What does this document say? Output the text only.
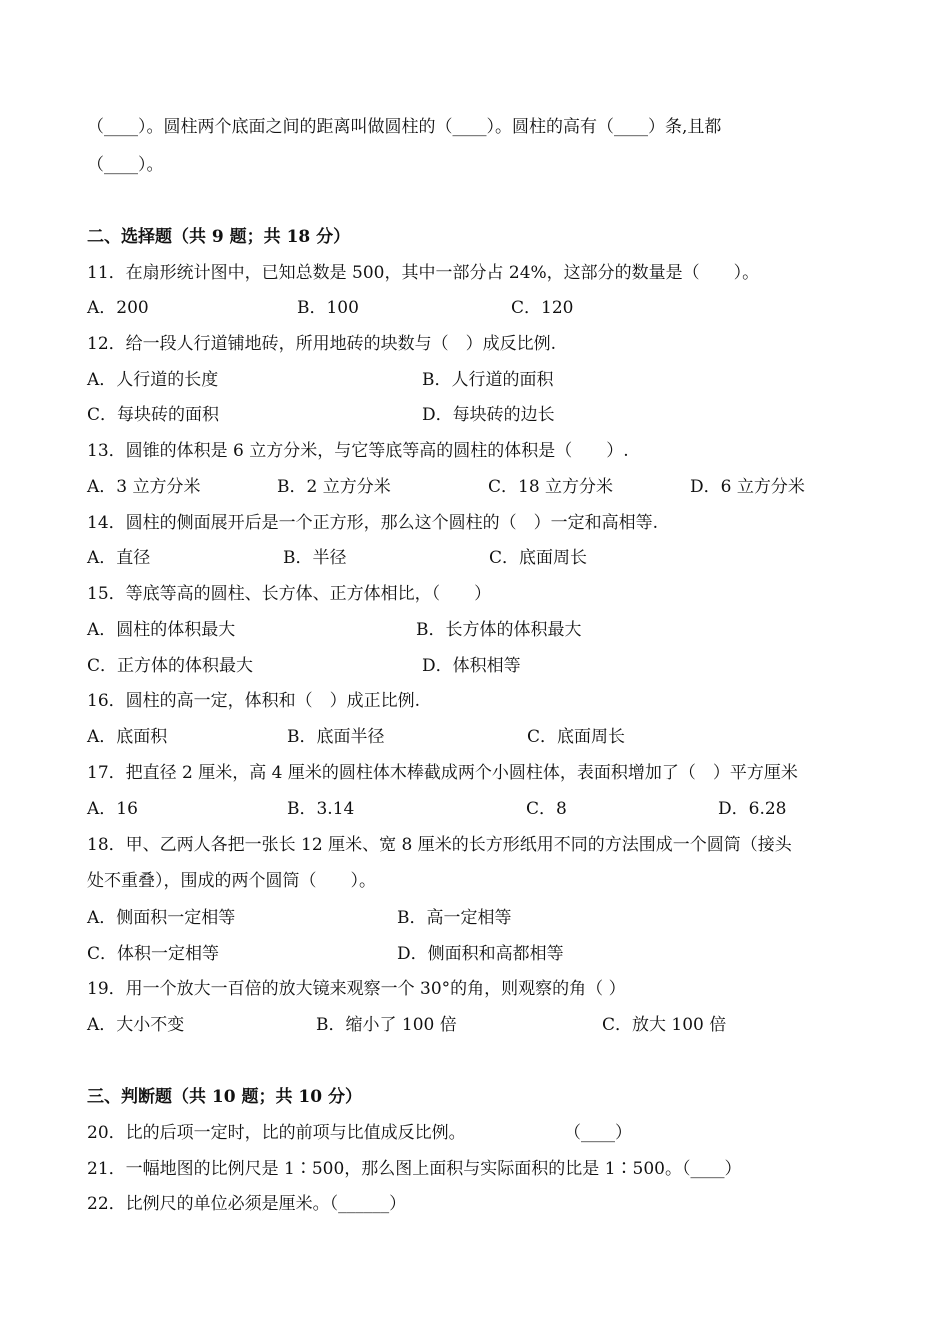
（____）。圆柱两个底面之间的距离叫做圆柱的（____）。圆柱的高有（____）条,且都
（____）。
二、选择题（共 9 题；共 18 分）
11．在扇形统计图中，已知总数是 500，其中一部分占 24%，这部分的数量是（　　）。
A．200	B．100	C．120
12．给一段人行道铺地砖，所用地砖的块数与（　）成反比例.
A．人行道的长度	B．人行道的面积
C．每块砖的面积	D．每块砖的边长
13．圆锥的体积是 6 立方分米，与它等底等高的圆柱的体积是（　　）.
A．3 立方分米	B．2 立方分米	C．18 立方分米	D．6 立方分米
14．圆柱的侧面展开后是一个正方形，那么这个圆柱的（　）一定和高相等.
A．直径	B．半径	C．底面周长
15．等底等高的圆柱、长方体、正方体相比，（　　）
A．圆柱的体积最大	B．长方体的体积最大
C．正方体的体积最大	D．体积相等
16．圆柱的高一定，体积和（　）成正比例.
A．底面积	B．底面半径	C．底面周长
17．把直径 2 厘米，高 4 厘米的圆柱体木棒截成两个小圆柱体，表面积增加了（　）平方厘米
A．16	B．3.14	C．8	D．6.28
18．甲、乙两人各把一张长 12 厘米、宽 8 厘米的长方形纸用不同的方法围成一个圆筒（接头
处不重叠），围成的两个圆筒（　　）。
A．侧面积一定相等	B．高一定相等
C．体积一定相等	D．侧面积和高都相等
19．用一个放大一百倍的放大镜来观察一个 30°的角，则观察的角（ ）
A．大小不变	B．缩小了 100 倍	C．放大 100 倍
三、判断题（共 10 题；共 10 分）
20．比的后项一定时，比的前项与比值成反比例。	（____）
21．一幅地图的比例尺是 1∶500，那么图上面积与实际面积的比是 1∶500。（____）
22．比例尺的单位必须是厘米。（______）
